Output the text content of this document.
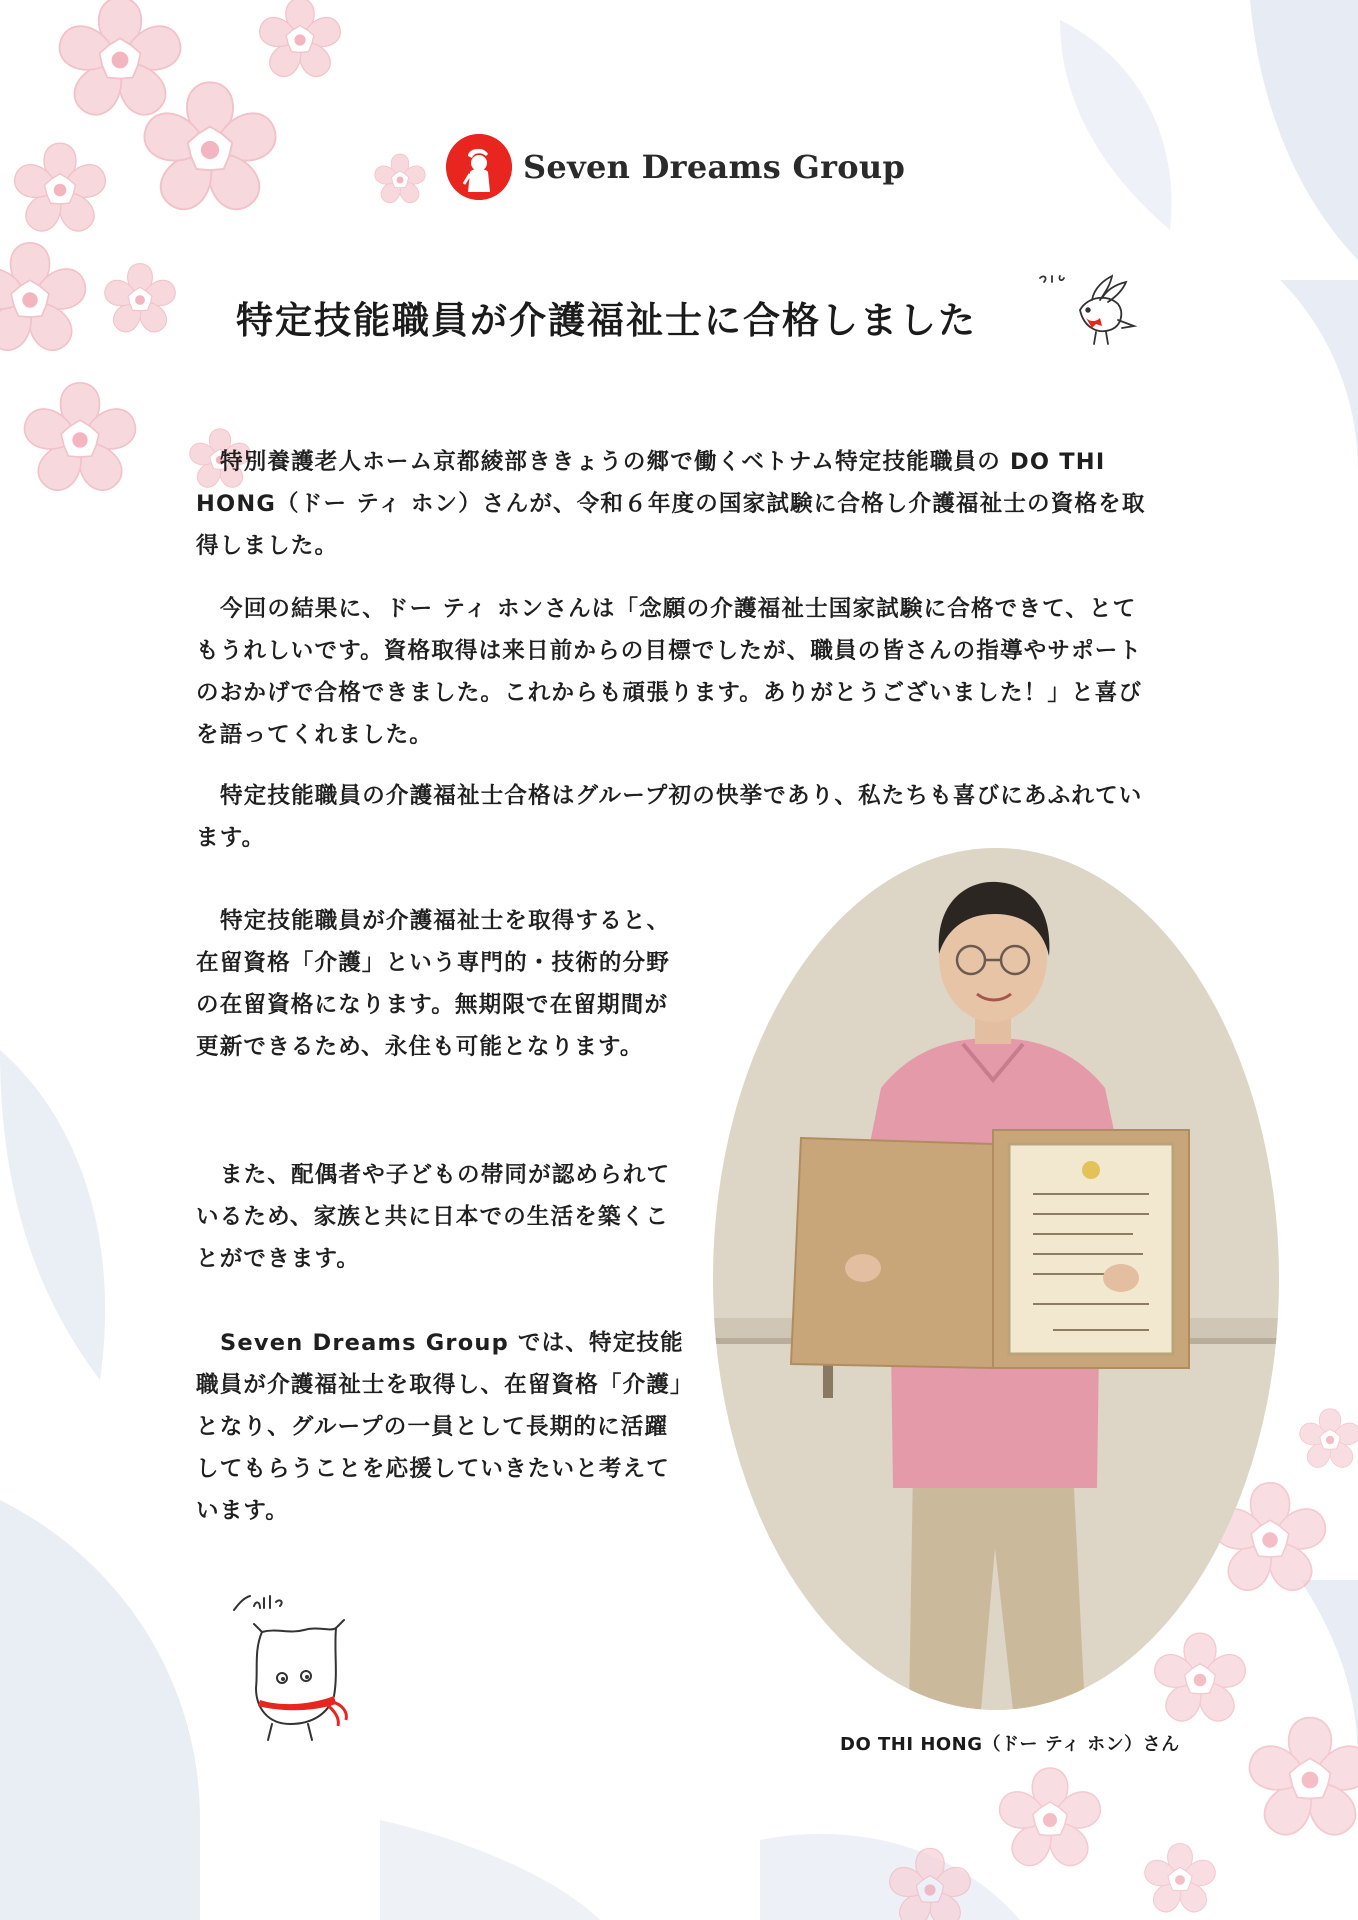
Seven Dreams Group
特定技能職員が介護福祉士に合格しました

特別養護老人ホーム京都綾部ききょうの郷で働くベトナム特定技能職員の DO THI HONG（ドー ティ ホン）さんが、令和６年度の国家試験に合格し介護福祉士の資格を取得しました。

今回の結果に、ドー ティ ホンさんは「念願の介護福祉士国家試験に合格できて、とてもうれしいです。資格取得は来日前からの目標でしたが、職員の皆さんの指導やサポートのおかげで合格できました。これからも頑張ります。ありがとうございました！」と喜びを語ってくれました。

特定技能職員の介護福祉士合格はグループ初の快挙であり、私たちも喜びにあふれています。

特定技能職員が介護福祉士を取得すると、在留資格「介護」という専門的・技術的分野の在留資格になります。無期限で在留期間が更新できるため、永住も可能となります。

また、配偶者や子どもの帯同が認められているため、家族と共に日本での生活を築くことができます。

Seven Dreams Group では、特定技能職員が介護福祉士を取得し、在留資格「介護」となり、グループの一員として長期的に活躍してもらうことを応援していきたいと考えています。

DO THI HONG（ドー ティ ホン）さん
